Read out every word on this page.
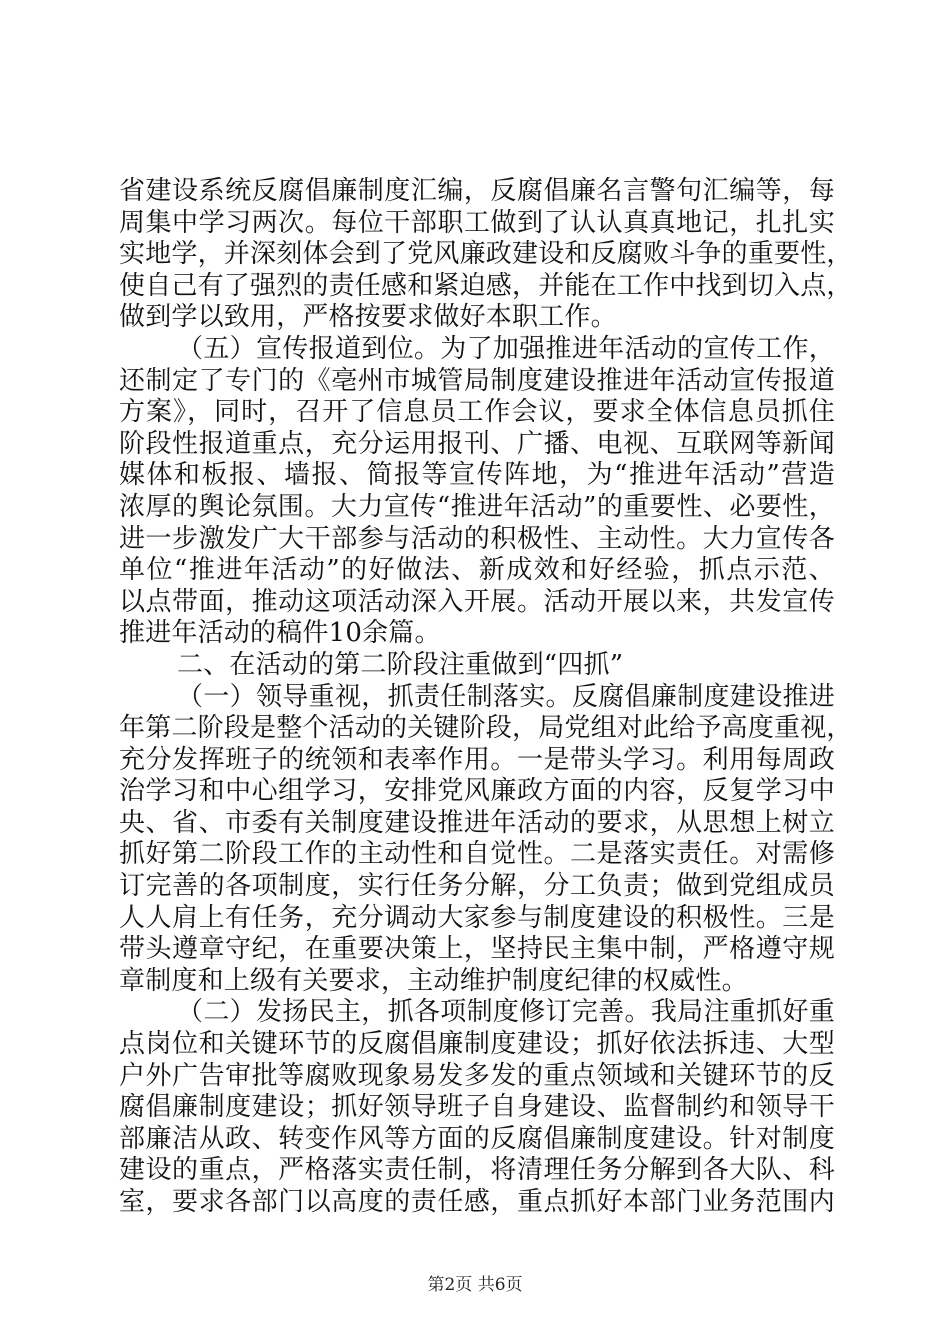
省建设系统反腐倡廉制度汇编，反腐倡廉名言警句汇编等，每
周集中学习两次。每位干部职工做到了认认真真地记，扎扎实
实地学，并深刻体会到了党风廉政建设和反腐败斗争的重要性，
使自己有了强烈的责任感和紧迫感，并能在工作中找到切入点，
做到学以致用，严格按要求做好本职工作。
（五）宣传报道到位。为了加强推进年活动的宣传工作，
还制定了专门的《亳州市城管局制度建设推进年活动宣传报道
方案》，同时，召开了信息员工作会议，要求全体信息员抓住
阶段性报道重点，充分运用报刊、广播、电视、互联网等新闻
媒体和板报、墙报、简报等宣传阵地，为“推进年活动”营造
浓厚的舆论氛围。大力宣传“推进年活动”的重要性、必要性，
进一步激发广大干部参与活动的积极性、主动性。大力宣传各
单位“推进年活动”的好做法、新成效和好经验，抓点示范、
以点带面，推动这项活动深入开展。活动开展以来，共发宣传
推进年活动的稿件10余篇。
二、在活动的第二阶段注重做到“四抓”
（一）领导重视，抓责任制落实。反腐倡廉制度建设推进
年第二阶段是整个活动的关键阶段，局党组对此给予高度重视，
充分发挥班子的统领和表率作用。一是带头学习。利用每周政
治学习和中心组学习，安排党风廉政方面的内容，反复学习中
央、省、市委有关制度建设推进年活动的要求，从思想上树立
抓好第二阶段工作的主动性和自觉性。二是落实责任。对需修
订完善的各项制度，实行任务分解，分工负责；做到党组成员
人人肩上有任务，充分调动大家参与制度建设的积极性。三是
带头遵章守纪，在重要决策上，坚持民主集中制，严格遵守规
章制度和上级有关要求，主动维护制度纪律的权威性。
（二）发扬民主，抓各项制度修订完善。我局注重抓好重
点岗位和关键环节的反腐倡廉制度建设；抓好依法拆违、大型
户外广告审批等腐败现象易发多发的重点领域和关键环节的反
腐倡廉制度建设；抓好领导班子自身建设、监督制约和领导干
部廉洁从政、转变作风等方面的反腐倡廉制度建设。针对制度
建设的重点，严格落实责任制，将清理任务分解到各大队、科
室，要求各部门以高度的责任感，重点抓好本部门业务范围内
第2页 共6页
